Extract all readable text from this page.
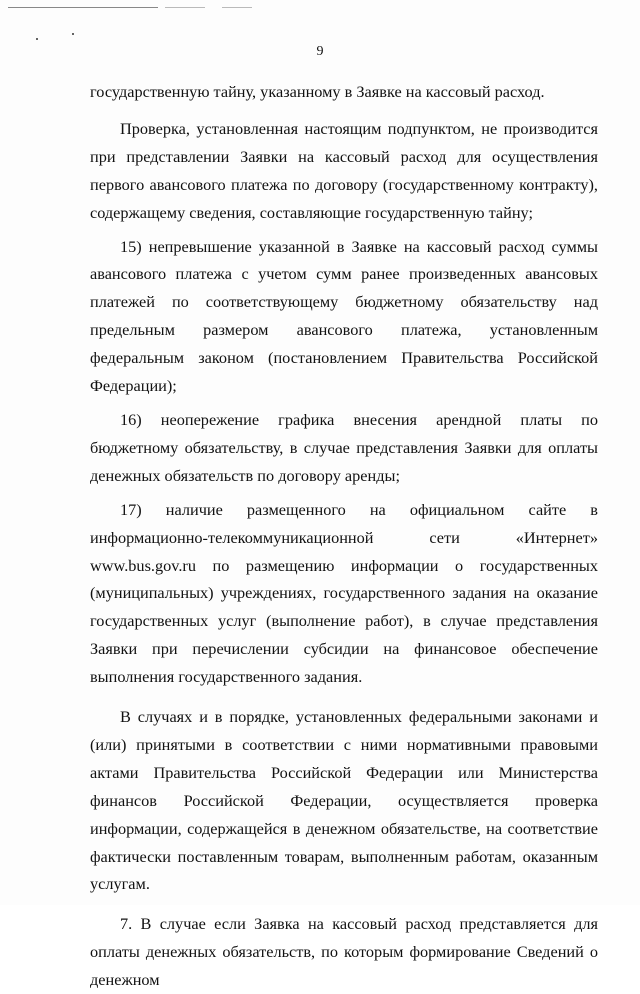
9

государственную тайну, указанному в Заявке на кассовый расход.

Проверка, установленная настоящим подпунктом, не производится при представлении Заявки на кассовый расход для осуществления первого авансового платежа по договору (государственному контракту), содержащему сведения, составляющие государственную тайну;

15) непревышение указанной в Заявке на кассовый расход суммы авансового платежа с учетом сумм ранее произведенных авансовых платежей по соответствующему бюджетному обязательству над предельным размером авансового платежа, установленным федеральным законом (постановлением Правительства Российской Федерации);

16) неопережение графика внесения арендной платы по бюджетному обязательству, в случае представления Заявки для оплаты денежных обязательств по договору аренды;

17) наличие размещенного на официальном сайте в информационно-телекоммуникационной сети «Интернет» www.bus.gov.ru по размещению информации о государственных (муниципальных) учреждениях, государственного задания на оказание государственных услуг (выполнение работ), в случае представления Заявки при перечислении субсидии на финансовое обеспечение выполнения государственного задания.

В случаях и в порядке, установленных федеральными законами и (или) принятыми в соответствии с ними нормативными правовыми актами Правительства Российской Федерации или Министерства финансов Российской Федерации, осуществляется проверка информации, содержащейся в денежном обязательстве, на соответствие фактически поставленным товарам, выполненным работам, оказанным услугам.

7. В случае если Заявка на кассовый расход представляется для оплаты денежных обязательств, по которым формирование Сведений о денежном
